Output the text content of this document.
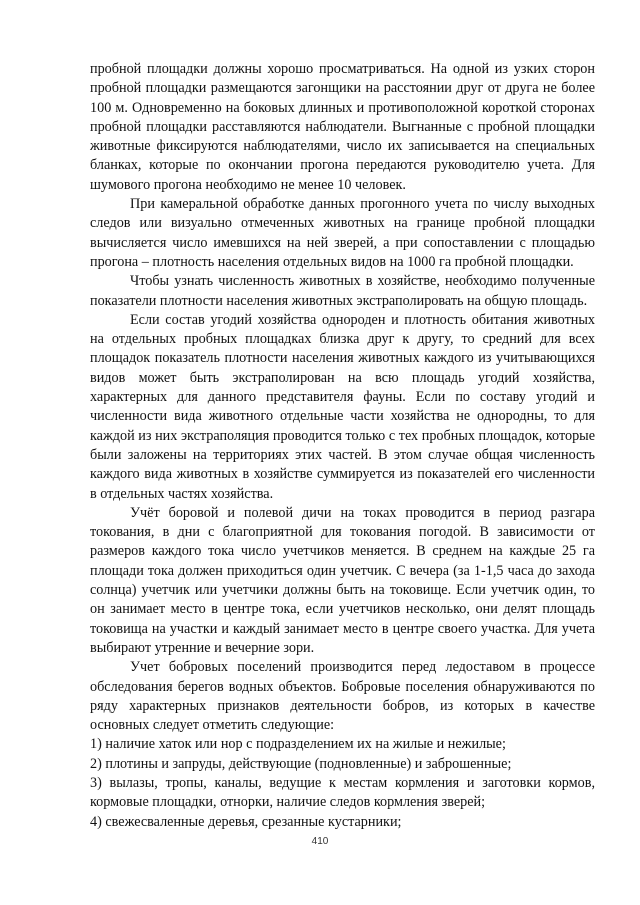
пробной площадки должны хорошо просматриваться. На одной из узких сторон пробной площадки размещаются загонщики на расстоянии друг от друга не более 100 м. Одновременно на боковых длинных и противоположной короткой сторонах пробной площадки расставляются наблюдатели. Выгнанные с пробной площадки животные фиксируются наблюдателями, число их записывается на специальных бланках, которые по окончании прогона передаются руководителю учета. Для шумового прогона необходимо не менее 10 человек.

При камеральной обработке данных прогонного учета по числу выходных следов или визуально отмеченных животных на границе пробной площадки вычисляется число имевшихся на ней зверей, а при сопоставлении с площадью прогона – плотность населения отдельных видов на 1000 га пробной площадки.

Чтобы узнать численность животных в хозяйстве, необходимо полученные показатели плотности населения животных экстраполировать на общую площадь.

Если состав угодий хозяйства однороден и плотность обитания животных на отдельных пробных площадках близка друг к другу, то средний для всех площадок показатель плотности населения животных каждого из учитывающихся видов может быть экстраполирован на всю площадь угодий хозяйства, характерных для данного представителя фауны. Если по составу угодий и численности вида животного отдельные части хозяйства не однородны, то для каждой из них экстраполяция проводится только с тех пробных площадок, которые были заложены на территориях этих частей. В этом случае общая численность каждого вида животных в хозяйстве суммируется из показателей его численности в отдельных частях хозяйства.

Учёт боровой и полевой дичи на токах проводится в период разгара токования, в дни с благоприятной для токования погодой. В зависимости от размеров каждого тока число учетчиков меняется. В среднем на каждые 25 га площади тока должен приходиться один учетчик. С вечера (за 1-1,5 часа до захода солнца) учетчик или учетчики должны быть на токовище. Если учетчик один, то он занимает место в центре тока, если учетчиков несколько, они делят площадь токовища на участки и каждый занимает место в центре своего участка. Для учета выбирают утренние и вечерние зори.

Учет бобровых поселений производится перед ледоставом в процессе обследования берегов водных объектов. Бобровые поселения обнаруживаются по ряду характерных признаков деятельности бобров, из которых в качестве основных следует отметить следующие:

1) наличие хаток или нор с подразделением их на жилые и нежилые;

2) плотины и запруды, действующие (подновленные) и заброшенные;

3) вылазы, тропы, каналы, ведущие к местам кормления и заготовки кормов, кормовые площадки, отнорки, наличие следов кормления зверей;

4) свежесваленные деревья, срезанные кустарники;

410
